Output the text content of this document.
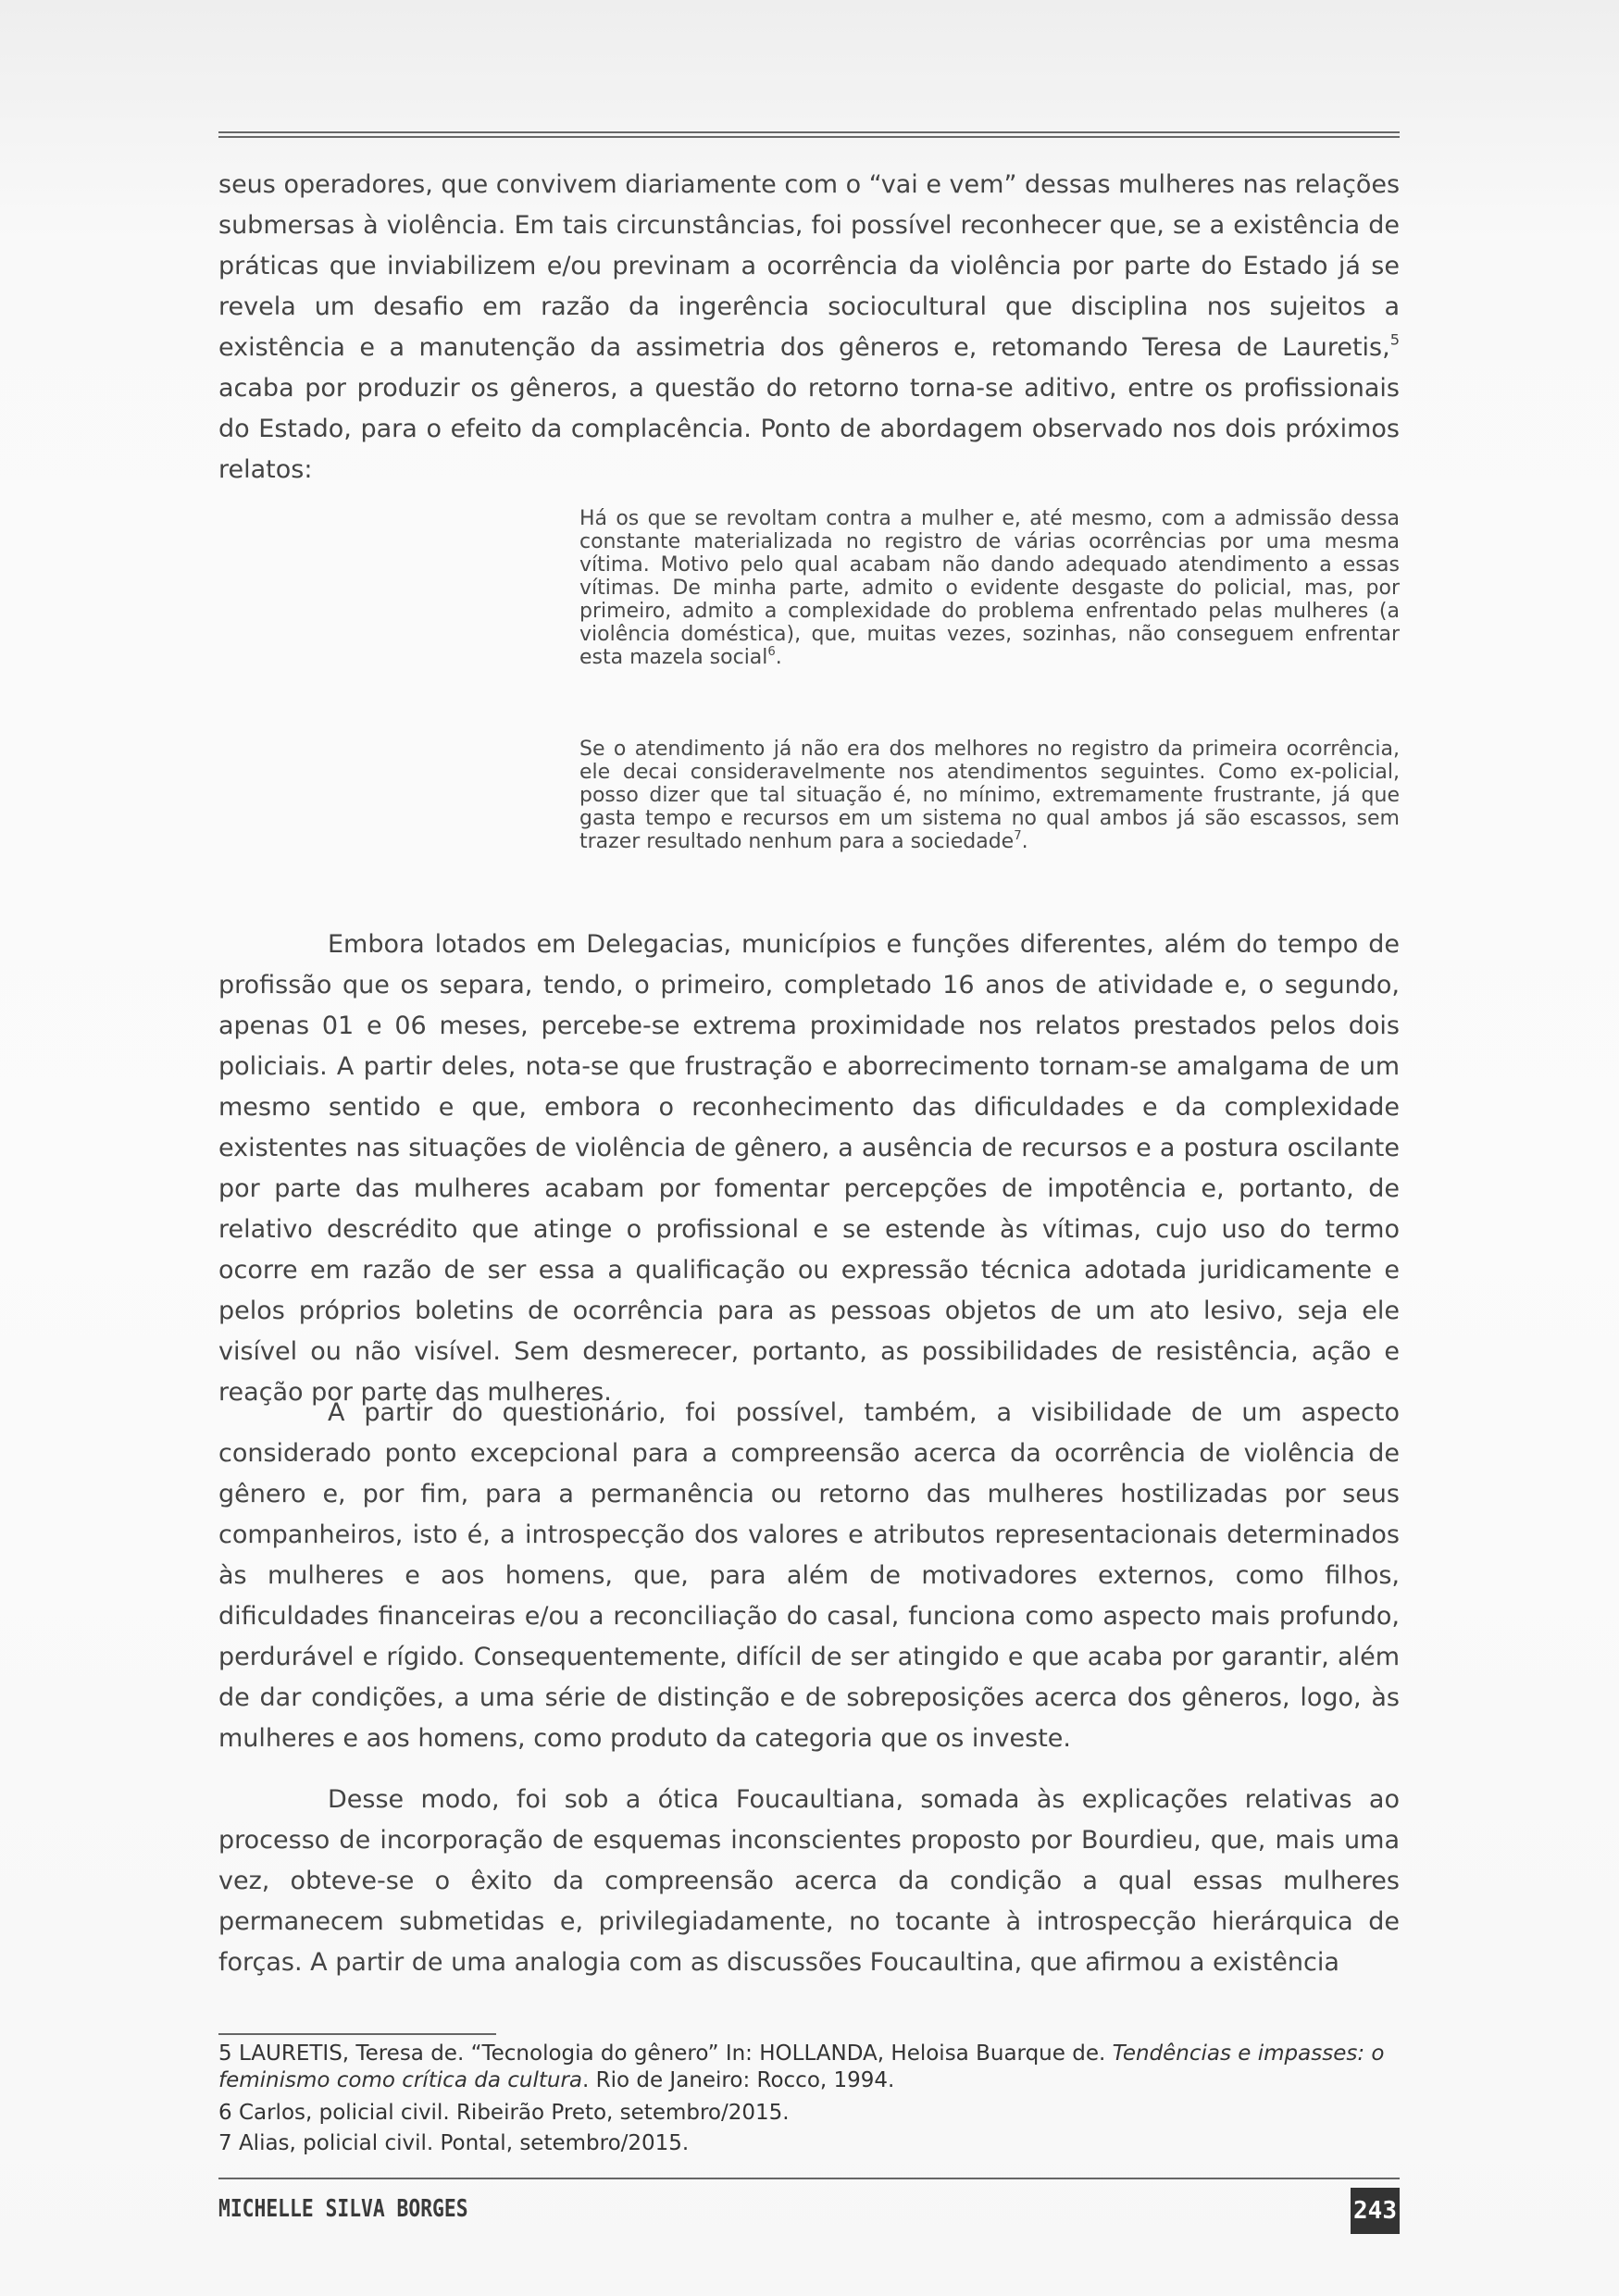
seus operadores, que convivem diariamente com o “vai e vem” dessas mulheres nas relações submersas à violência. Em tais circunstâncias, foi possível reconhecer que, se a existência de práticas que inviabilizem e/ou previnam a ocorrência da violência por parte do Estado já se revela um desafio em razão da ingerência sociocultural que disciplina nos sujeitos a existência e a manutenção da assimetria dos gêneros e, retomando Teresa de Lauretis,$^5$ acaba por produzir os gêneros, a questão do retorno torna-se aditivo, entre os profissionais do Estado, para o efeito da complacência. Ponto de abordagem observado nos dois próximos relatos:

Há os que se revoltam contra a mulher e, até mesmo, com a admissão dessa constante materializada no registro de várias ocorrências por uma mesma vítima. Motivo pelo qual acabam não dando adequado atendimento a essas vítimas. De minha parte, admito o evidente desgaste do policial, mas, por primeiro, admito a complexidade do problema enfrentado pelas mulheres (a violência doméstica), que, muitas vezes, sozinhas, não conseguem enfrentar esta mazela social$^6$.

Se o atendimento já não era dos melhores no registro da primeira ocorrência, ele decai consideravelmente nos atendimentos seguintes. Como ex-policial, posso dizer que tal situação é, no mínimo, extremamente frustrante, já que gasta tempo e recursos em um sistema no qual ambos já são escassos, sem trazer resultado nenhum para a sociedade$^7$.

Embora lotados em Delegacias, municípios e funções diferentes, além do tempo de profissão que os separa, tendo, o primeiro, completado 16 anos de atividade e, o segundo, apenas 01 e 06 meses, percebe-se extrema proximidade nos relatos prestados pelos dois policiais. A partir deles, nota-se que frustração e aborrecimento tornam-se amalgama de um mesmo sentido e que, embora o reconhecimento das dificuldades e da complexidade existentes nas situações de violência de gênero, a ausência de recursos e a postura oscilante por parte das mulheres acabam por fomentar percepções de impotência e, portanto, de relativo descrédito que atinge o profissional e se estende às vítimas, cujo uso do termo ocorre em razão de ser essa a qualificação ou expressão técnica adotada juridicamente e pelos próprios boletins de ocorrência para as pessoas objetos de um ato lesivo, seja ele visível ou não visível. Sem desmerecer, portanto, as possibilidades de resistência, ação e reação por parte das mulheres.

A partir do questionário, foi possível, também, a visibilidade de um aspecto considerado ponto excepcional para a compreensão acerca da ocorrência de violência de gênero e, por fim, para a permanência ou retorno das mulheres hostilizadas por seus companheiros, isto é, a introspecção dos valores e atributos representacionais determinados às mulheres e aos homens, que, para além de motivadores externos, como filhos, dificuldades financeiras e/ou a reconciliação do casal, funciona como aspecto mais profundo, perdurável e rígido. Consequentemente, difícil de ser atingido e que acaba por garantir, além de dar condições, a uma série de distinção e de sobreposições acerca dos gêneros, logo, às mulheres e aos homens, como produto da categoria que os investe.

Desse modo, foi sob a ótica Foucaultiana, somada às explicações relativas ao processo de incorporação de esquemas inconscientes proposto por Bourdieu, que, mais uma vez, obteve-se o êxito da compreensão acerca da condição a qual essas mulheres permanecem submetidas e, privilegiadamente, no tocante à introspecção hierárquica de forças. A partir de uma analogia com as discussões Foucaultina, que afirmou a existência

5 LAURETIS, Teresa de. “Tecnologia do gênero” In: HOLLANDA, Heloisa Buarque de. Tendências e impasses: o feminismo como crítica da cultura. Rio de Janeiro: Rocco, 1994.

6 Carlos, policial civil. Ribeirão Preto, setembro/2015.

7 Alias, policial civil. Pontal, setembro/2015.

MICHELLE SILVA BORGES	243
